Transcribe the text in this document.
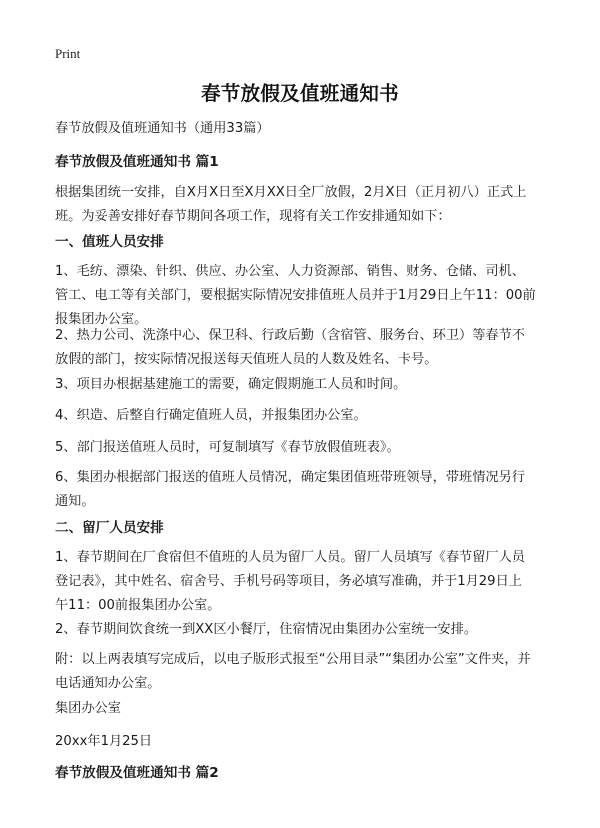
Print
春节放假及值班通知书
春节放假及值班通知书（通用33篇）
春节放假及值班通知书 篇1
根据集团统一安排，自X月X日至X月XX日全厂放假，2月X日（正月初八）正式上
班。为妥善安排好春节期间各项工作，现将有关工作安排通知如下：
一、值班人员安排
1、毛纺、漂染、针织、供应、办公室、人力资源部、销售、财务、仓储、司机、
管工、电工等有关部门，要根据实际情况安排值班人员并于1月29日上午11：00前
报集团办公室。
2、热力公司、洗涤中心、保卫科、行政后勤（含宿管、服务台、环卫）等春节不
放假的部门，按实际情况报送每天值班人员的人数及姓名、卡号。
3、项目办根据基建施工的需要，确定假期施工人员和时间。
4、织造、后整自行确定值班人员，并报集团办公室。
5、部门报送值班人员时，可复制填写《春节放假值班表》。
6、集团办根据部门报送的值班人员情况，确定集团值班带班领导，带班情况另行
通知。
二、留厂人员安排
1、春节期间在厂食宿但不值班的人员为留厂人员。留厂人员填写《春节留厂人员
登记表》，其中姓名、宿舍号、手机号码等项目，务必填写准确，并于1月29日上
午11：00前报集团办公室。
2、春节期间饮食统一到XX区小餐厅，住宿情况由集团办公室统一安排。
附：以上两表填写完成后，以电子版形式报至“公用目录”“集团办公室”文件夹，并
电话通知办公室。
集团办公室
20xx年1月25日
春节放假及值班通知书 篇2
